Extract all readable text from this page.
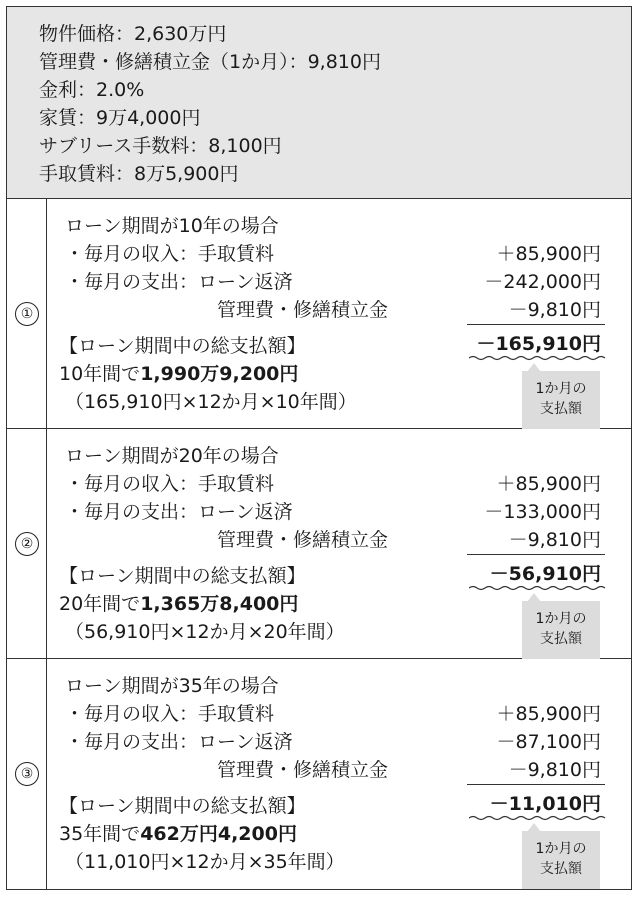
物件価格：2,630万円
管理費・修繕積立金（1か月）：9,810円
金利：2.0%
家賃：9万4,000円
サブリース手数料：8,100円
手取賃料：8万5,900円
①
ローン期間が10年の場合
・毎月の収入：手取賃料	＋85,900円
・毎月の支出：ローン返済	－242,000円
管理費・修繕積立金	－9,810円
【ローン期間中の総支払額】	－165,910円
10年間で1,990万9,200円
（165,910円×12か月×10年間）
1か月の
支払額
②
ローン期間が20年の場合
・毎月の収入：手取賃料	＋85,900円
・毎月の支出：ローン返済	－133,000円
管理費・修繕積立金	－9,810円
【ローン期間中の総支払額】	－56,910円
20年間で1,365万8,400円
（56,910円×12か月×20年間）
1か月の
支払額
③
ローン期間が35年の場合
・毎月の収入：手取賃料	＋85,900円
・毎月の支出：ローン返済	－87,100円
管理費・修繕積立金	－9,810円
【ローン期間中の総支払額】	－11,010円
35年間で462万円4,200円
（11,010円×12か月×35年間）
1か月の
支払額
